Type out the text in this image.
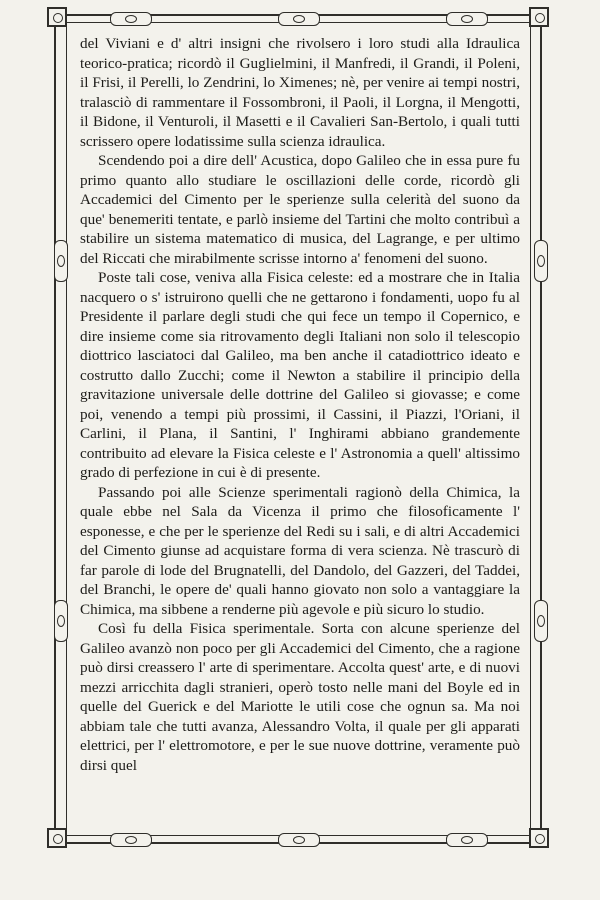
del Viviani e d' altri insigni che rivolsero i loro studi alla Idraulica teorico-pratica; ricordò il Guglielmini, il Manfredi, il Grandi, il Poleni, il Frisi, il Perelli, lo Zendrini, lo Ximenes; nè, per venire ai tempi nostri, tralasciò di rammentare il Fossombroni, il Paoli, il Lorgna, il Mengotti, il Bidone, il Venturoli, il Masetti e il Cavalieri San-Bertolo, i quali tutti scrissero opere lodatissime sulla scienza idraulica.

Scendendo poi a dire dell' Acustica, dopo Galileo che in essa pure fu primo quanto allo studiare le oscillazioni delle corde, ricordò gli Accademici del Cimento per le sperienze sulla celerità del suono da que' benemeriti tentate, e parlò insieme del Tartini che molto contribuì a stabilire un sistema matematico di musica, del Lagrange, e per ultimo del Riccati che mirabilmente scrisse intorno a' fenomeni del suono.

Poste tali cose, veniva alla Fisica celeste: ed a mostrare che in Italia nacquero o s' istruirono quelli che ne gettarono i fondamenti, uopo fu al Presidente il parlare degli studi che qui fece un tempo il Copernico, e dire insieme come sia ritrovamento degli Italiani non solo il telescopio diottrico lasciatoci dal Galileo, ma ben anche il catadiottrico ideato e costrutto dallo Zucchi; come il Newton a stabilire il principio della gravitazione universale delle dottrine del Galileo si giovasse; e come poi, venendo a tempi più prossimi, il Cassini, il Piazzi, l'Oriani, il Carlini, il Plana, il Santini, l' Inghirami abbiano grandemente contribuito ad elevare la Fisica celeste e l' Astronomia a quell' altissimo grado di perfezione in cui è di presente.

Passando poi alle Scienze sperimentali ragionò della Chimica, la quale ebbe nel Sala da Vicenza il primo che filosoficamente l' esponesse, e che per le sperienze del Redi su i sali, e di altri Accademici del Cimento giunse ad acquistare forma di vera scienza. Nè trascurò di far parole di lode del Brugnatelli, del Dandolo, del Gazzeri, del Taddei, del Branchi, le opere de' quali hanno giovato non solo a vantaggiare la Chimica, ma sibbene a renderne più agevole e più sicuro lo studio.

Così fu della Fisica sperimentale. Sorta con alcune sperienze del Galileo avanzò non poco per gli Accademici del Cimento, che a ragione può dirsi creassero l' arte di sperimentare. Accolta quest' arte, e di nuovi mezzi arricchita dagli stranieri, operò tosto nelle mani del Boyle ed in quelle del Guerick e del Mariotte le utili cose che ognun sa. Ma noi abbiam tale che tutti avanza, Alessandro Volta, il quale per gli apparati elettrici, per l' elettromotore, e per le sue nuove dottrine, veramente può dirsi quel
